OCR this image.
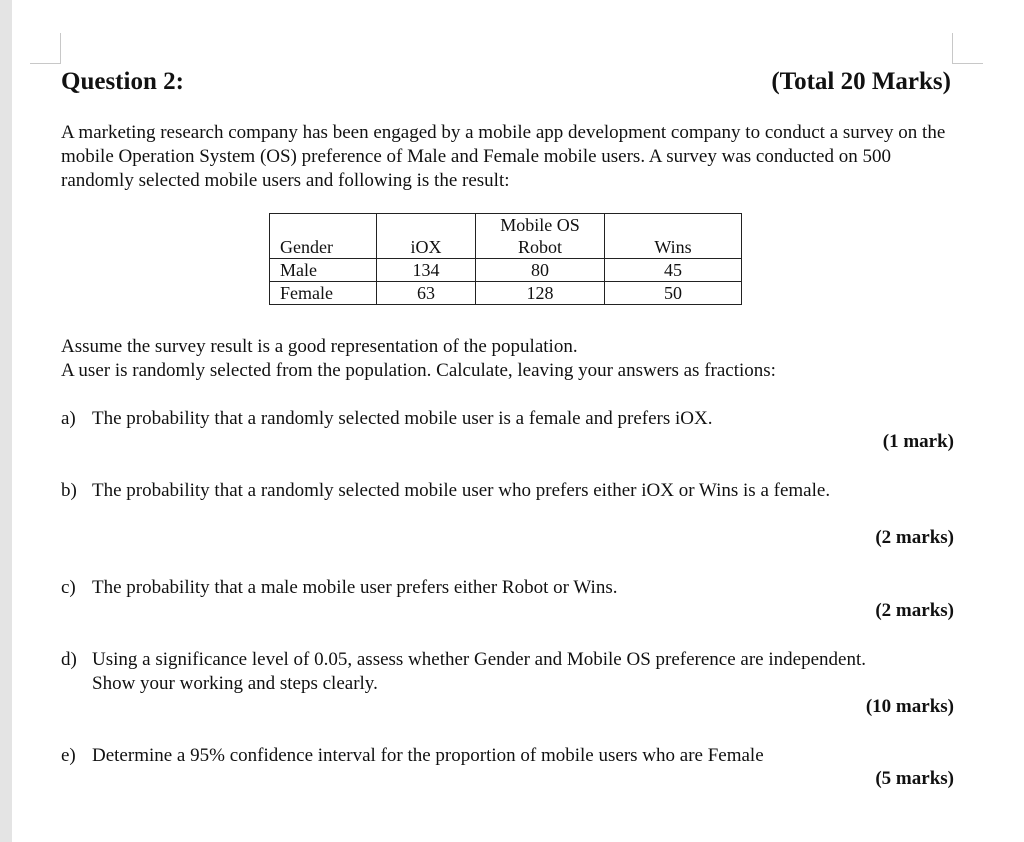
Question 2:	(Total 20 Marks)
A marketing research company has been engaged by a mobile app development company to conduct a survey on the mobile Operation System (OS) preference of Male and Female mobile users. A survey was conducted on 500 randomly selected mobile users and following is the result:
		Mobile OS	
Gender	iOX	Robot	Wins
Male	134	80	45
Female	63	128	50
Assume the survey result is a good representation of the population.
A user is randomly selected from the population. Calculate, leaving your answers as fractions:
a) The probability that a randomly selected mobile user is a female and prefers iOX.
(1 mark)
b) The probability that a randomly selected mobile user who prefers either iOX or Wins is a female.
(2 marks)
c) The probability that a male mobile user prefers either Robot or Wins.
(2 marks)
d) Using a significance level of 0.05, assess whether Gender and Mobile OS preference are independent.
Show your working and steps clearly.
(10 marks)
e) Determine a 95% confidence interval for the proportion of mobile users who are Female
(5 marks)
